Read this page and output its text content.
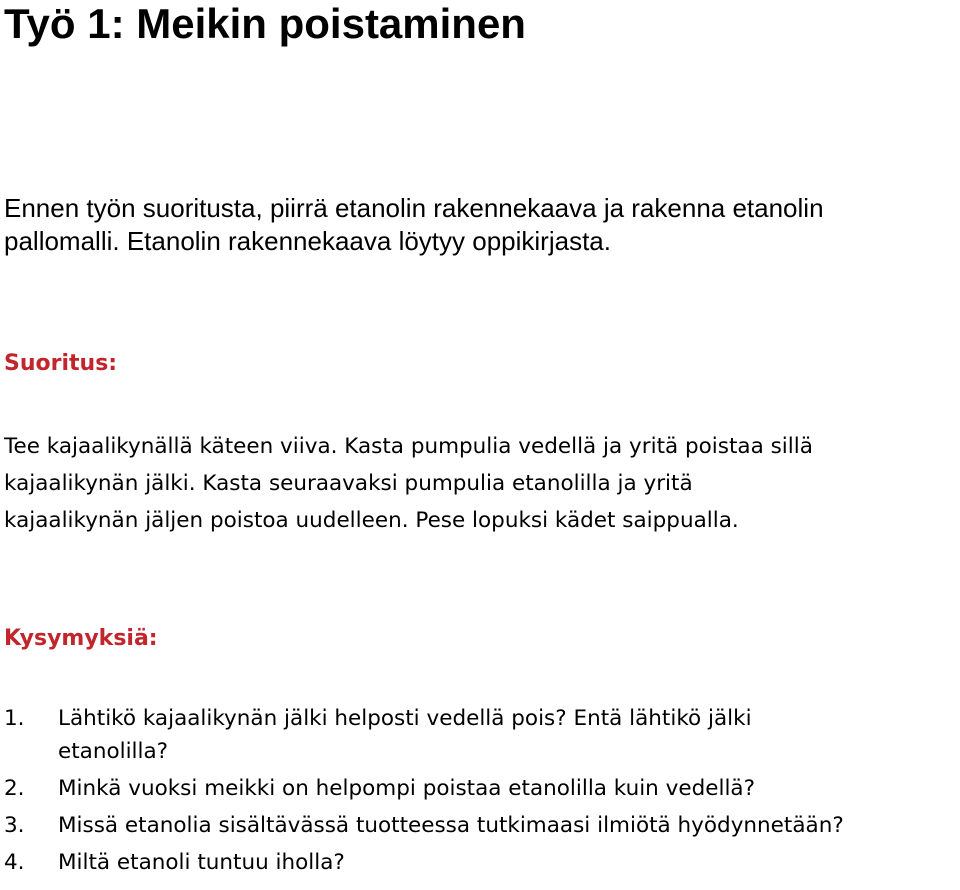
Työ 1: Meikin poistaminen

Ennen työn suoritusta, piirrä etanolin rakennekaava ja rakenna etanolin
pallomalli. Etanolin rakennekaava löytyy oppikirjasta.

Suoritus:

Tee kajaalikynällä käteen viiva. Kasta pumpulia vedellä ja yritä poistaa sillä
kajaalikynän jälki. Kasta seuraavaksi pumpulia etanolilla ja yritä
kajaalikynän jäljen poistoa uudelleen. Pese lopuksi kädet saippualla.

Kysymyksiä:
1. Lähtikö kajaalikynän jälki helposti vedellä pois? Entä lähtikö jälki
etanolilla?
2. Minkä vuoksi meikki on helpompi poistaa etanolilla kuin vedellä?
3. Missä etanolia sisältävässä tuotteessa tutkimaasi ilmiötä hyödynnetään?
4. Miltä etanoli tuntuu iholla?
